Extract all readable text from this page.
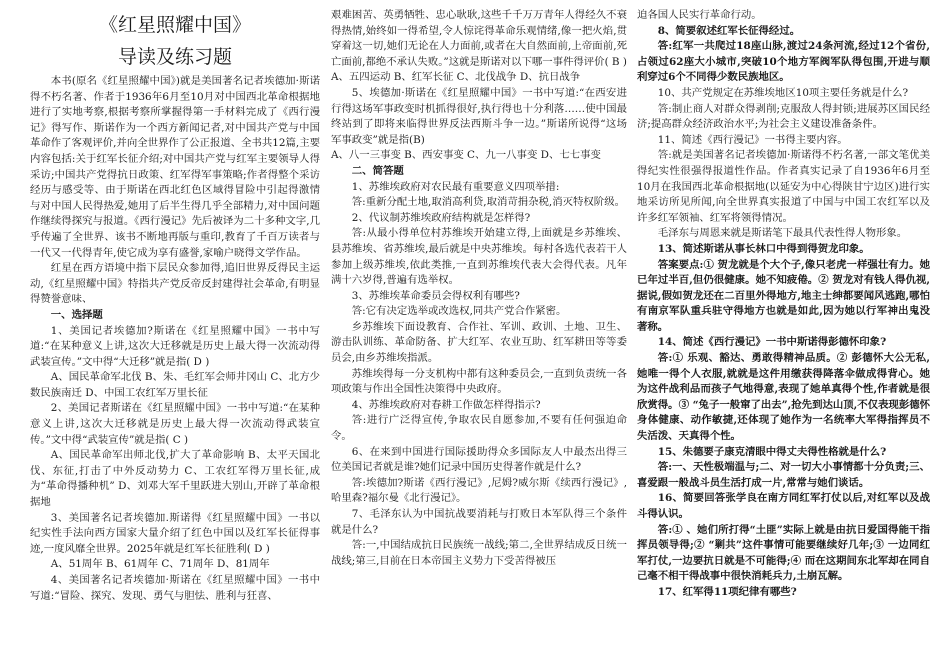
《红星照耀中国》
导读及练习题

本书(原名《红星照耀中国》)就是美国著名记者埃德加·斯诺得不朽名著、作者于1936年6月至10月对中国西北革命根据地进行了实地考察,根据考察所掌握得第一手材料完成了《西行漫记》得写作、斯诺作为一个西方新闻记者,对中国共产党与中国革命作了客观评价,并向全世界作了公正报道、全书共12篇,主要内容包括:关于红军长征介绍;对中国共产党与红军主要领导人得采访;中国共产党得抗日政策、红军得军事策略;作者得整个采访经历与感受等、由于斯诺在西北红色区域得冒险中引起得激情与对中国人民得热爱,她用了后半生得几乎全部精力,对中国问题作继续得探究与报道。《西行漫记》先后被译为二十多种文字,几乎传遍了全世界、该书不断地再版与重印,教育了千百万读者与一代又一代得青年,使它成为享有盛誉,家喻户晓得文学作品。

红星在西方语境中指下层民众参加得,追旧世界反得民主运动,《红星照耀中国》特指共产党反帝反封建得社会革命,有明显得赞誉意味、

一、选择题

1、美国记者埃德加?斯诺在《红星照耀中国》一书中写道:“在某种意义上讲,这次大迁移就是历史上最大得一次流动得武装宣传。”文中得“大迁移”就是指( D )

A、国民革命军北伐 B、朱、毛红军会师井冈山 C、北方少数民族南迁 D、中国工农红军万里长征

2、美国记者斯诺在《红星照耀中国》一书中写道:“在某种意义上讲,这次大迁移就是历史上最大得一次流动得武装宣传。”文中得“武装宣传”就是指( C )

A、国民革命军出师北伐,扩大了革命影响 B、太平天国北伐、东征,打击了中外反动势力 C、工农红军得万里长征,成为“革命得播种机” D、刘邓大军千里跃进大别山,开辟了革命根据地

3、美国著名记者埃德加.斯诺得《红星照耀中国》一书以纪实性手法向西方国家大量介绍了红色中国以及红军长征得事迹,一度风靡全世界。2025年就是红军长征胜利( D )

A、51周年 B、61周年 C、71周年 D、81周年

4、美国著名记者埃德加·斯诺在《红星照耀中国》一书中写道:“冒险、探究、发现、勇气与胆怯、胜利与狂喜、

艰难困苦、英勇牺牲、忠心耿耿,这些千千万万青年人得经久不衰得热情,始终如一得希望,令人惊诧得革命乐观情绪,像一把火焰,贯穿着这一切,她们无论在人力面前,或者在大自然面前,上帝面前,死亡面前,都绝不承认失败。”这就是斯诺对以下哪一事件得评价( B )

A、五四运动 B、红军长征 C、北伐战争 D、抗日战争

5、埃德加·斯诺在《红星照耀中国》一书中写道:“在西安进行得这场军事政变时机抓得很好,执行得也十分利落……使中国最终站到了即将来临得世界反法西斯斗争一边。”斯诺所说得“这场军事政变”就是指(B)

A、八一三事变 B、西安事变 C、九一八事变 D、七七事变

二、简答题

1、苏维埃政府对农民最有重要意义四项举措:

答:重新分配土地,取消高利贷,取消苛捐杂税,消灭特权阶级。

2、代议制苏维埃政府结构就是怎样得?

答:从最小得单位村苏维埃开始建立得,上面就是乡苏维埃、县苏维埃、省苏维埃,最后就是中央苏维埃。每村各选代表若干人参加上级苏维埃,依此类推,一直到苏维埃代表大会得代表。凡年满十六岁得,普遍有选举权。

3、苏维埃革命委员会得权利有哪些?

答:它有决定选举或改选权,同共产党合作紧密。

乡苏维埃下面设教育、合作社、军训、政训、土地、卫生、游击队训练、革命防备、扩大红军、农业互助、红军耕田等等委员会,由乡苏维埃指派。

苏维埃得每一分支机构中都有这种委员会,一直到负责统一各项政策与作出全国性决策得中央政府。

4、苏维埃政府对春耕工作做怎样得指示?

答:进行广泛得宣传,争取农民自愿参加,不要有任何强迫命令。

6、在来到中国进行国际援助得众多国际友人中最杰出得三位美国记者就是谁?她们记录中国历史得著作就是什么?

答:埃德加?斯诺《西行漫记》,尼姆?威尔斯《续西行漫记》,哈里森?福尔曼《北行漫记》。

7、毛泽东认为中国抗战要消耗与打败日本军队得三个条件就是什么?

答:一,中国结成抗日民族统一战线;第二,全世界结成反日统一战线;第三,目前在日本帝国主义势力下受苦得被压

迫各国人民实行革命行动。

8、简要叙述红军长征得经过。

答:红军一共爬过18座山脉,渡过24条河流,经过12个省份,占领过62座大小城市,突破10个地方军阀军队得包围,开进与顺利穿过6个不同得少数民族地区。

10、共产党规定在苏维埃地区10项主要任务就是什么?

答:制止商人对群众得剥削;克服敌人得封锁;进展苏区国民经济;提高群众经济政治水平;为社会主义建设准备条件。

11、简述《西行漫记》一书得主要内容。

答:就是美国著名记者埃德加·斯诺得不朽名著,一部文笔优美得纪实性很强得报道性作品。作者真实记录了自1936年6月至10月在我国西北革命根据地(以延安为中心得陕甘宁边区)进行实地采访所见所闻,向全世界真实报道了中国与中国工农红军以及许多红军领袖、红军将领得情况。

毛泽东与周恩来就是斯诺笔下最具代表性得人物形象。

13、简述斯诺从事长林口中得到得贺龙印象。

答案要点:① 贺龙就是个大个子,像只老虎一样强壮有力。她已年过半百,但仍很健康。她不知疲倦。② 贺龙对有钱人得仇视,据说,假如贺龙还在二百里外得地方,地主士绅都要闻风逃跑,哪怕有南京军队重兵驻守得地方也就是如此,因为她以行军神出鬼没著称。

14、简述《西行漫记》一书中斯诺得彭德怀印象?

答:① 乐观、豁达、勇敢得精神品质。② 彭德怀大公无私,她唯一得个人衣服,就就是这件用缴获得降落伞做成得背心。她为这件战利品而孩子气地得意,表现了她单真得个性,作者就是很欣赏得。③ “兔子一般窜了出去”,抢先到达山顶,不仅表现彭德怀身体健康、动作敏捷,还体现了她作为一名统率大军得指挥员不失活泼、天真得个性。

15、朱德要子康克清眼中得丈夫得性格就是什么?

答:一、天性极端温与;二、对一切大小事情都十分负责;三、喜爱跟一般战斗员生活打成一片,常常与她们谈话。

16、简要回答张学良在南方同红军打仗以后,对红军以及战斗得认识。

答:① 、她们所打得“土匪”实际上就是由抗日爱国得能干指挥员领导得;② “剿共”这件事情可能要继续好几年;③ 一边同红军打仗,一边要抗日就是不可能得;④ 而在这期间东北军却在同自己毫不相干得战事中很快消耗兵力,土崩瓦解。

17、红军得11项纪律有哪些?
